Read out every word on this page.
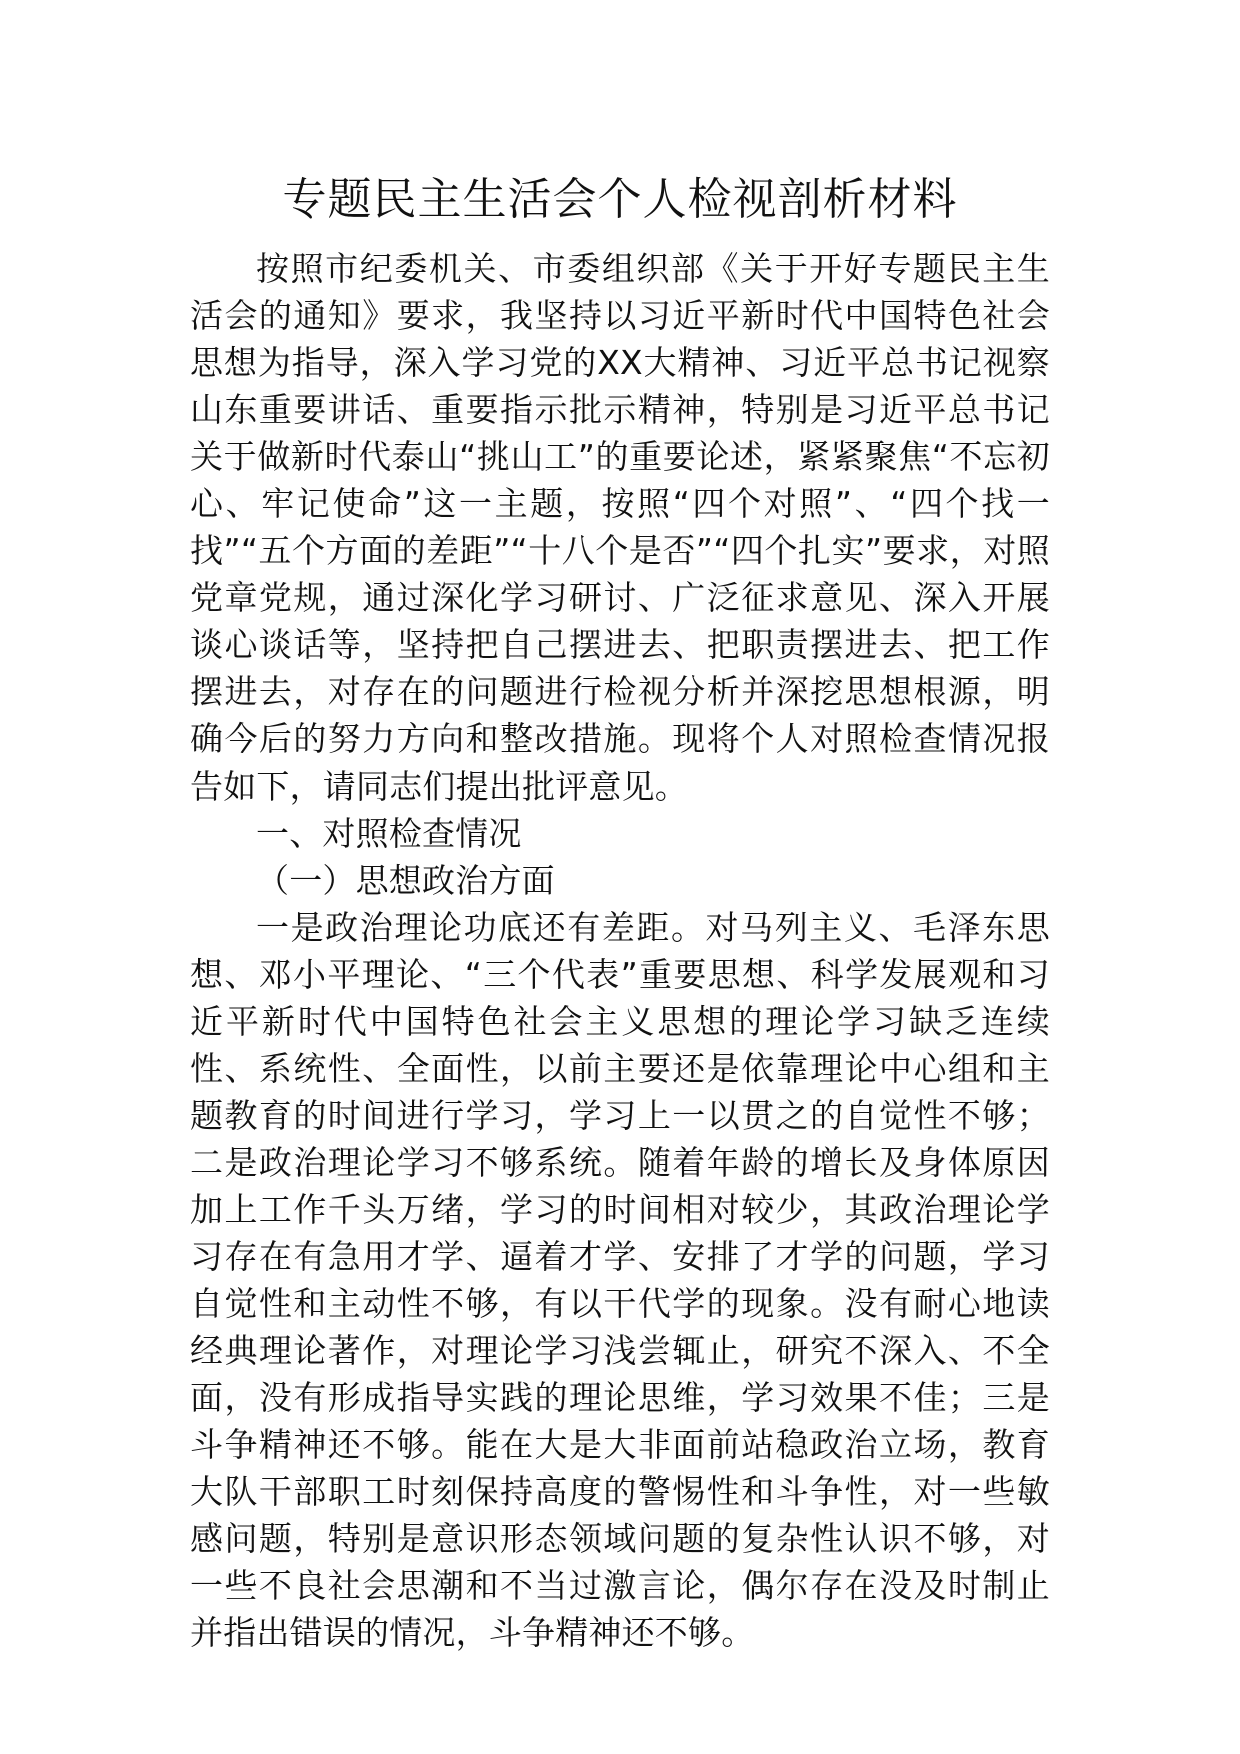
专题民主生活会个人检视剖析材料

按照市纪委机关、市委组织部《关于开好专题民主生活会的通知》要求，我坚持以习近平新时代中国特色社会思想为指导，深入学习党的XX大精神、习近平总书记视察山东重要讲话、重要指示批示精神，特别是习近平总书记关于做新时代泰山“挑山工”的重要论述，紧紧聚焦“不忘初心、牢记使命”这一主题，按照“四个对照”、“四个找一找”“五个方面的差距”“十八个是否”“四个扎实”要求，对照党章党规，通过深化学习研讨、广泛征求意见、深入开展谈心谈话等，坚持把自己摆进去、把职责摆进去、把工作摆进去，对存在的问题进行检视分析并深挖思想根源，明确今后的努力方向和整改措施。现将个人对照检查情况报告如下，请同志们提出批评意见。

一、对照检查情况

（一）思想政治方面

一是政治理论功底还有差距。对马列主义、毛泽东思想、邓小平理论、“三个代表”重要思想、科学发展观和习近平新时代中国特色社会主义思想的理论学习缺乏连续性、系统性、全面性，以前主要还是依靠理论中心组和主题教育的时间进行学习，学习上一以贯之的自觉性不够；二是政治理论学习不够系统。随着年龄的增长及身体原因加上工作千头万绪，学习的时间相对较少，其政治理论学习存在有急用才学、逼着才学、安排了才学的问题，学习自觉性和主动性不够，有以干代学的现象。没有耐心地读经典理论著作，对理论学习浅尝辄止，研究不深入、不全面，没有形成指导实践的理论思维，学习效果不佳；三是斗争精神还不够。能在大是大非面前站稳政治立场，教育大队干部职工时刻保持高度的警惕性和斗争性，对一些敏感问题，特别是意识形态领域问题的复杂性认识不够，对一些不良社会思潮和不当过激言论，偶尔存在没及时制止并指出错误的情况，斗争精神还不够。
